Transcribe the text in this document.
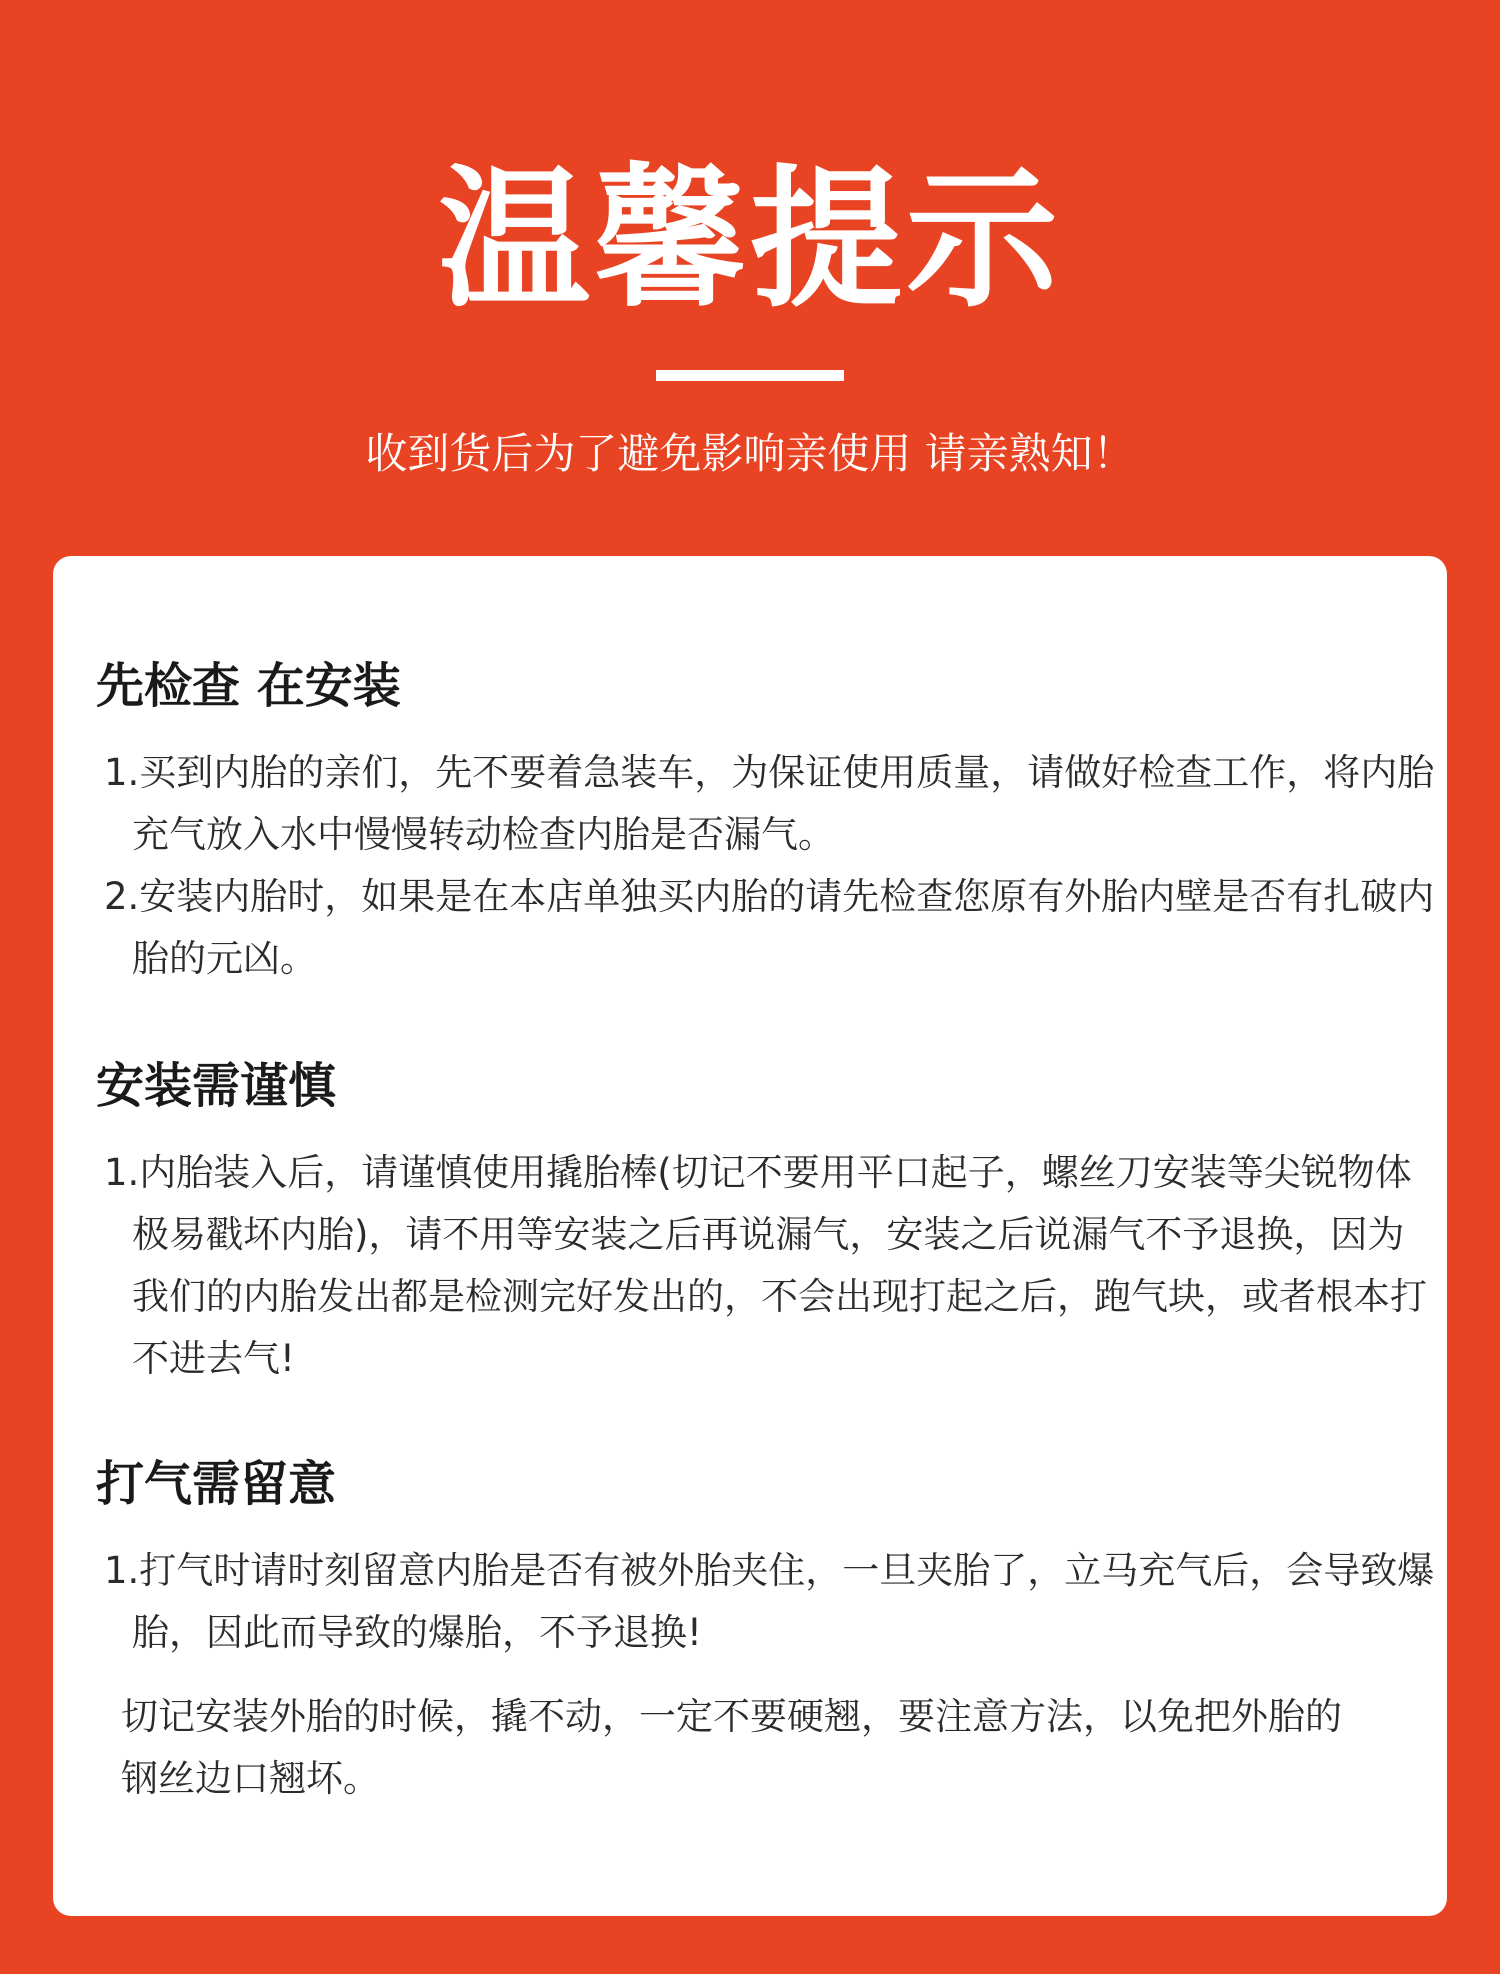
温馨提示
收到货后为了避免影响亲使用 请亲熟知！
先检查 在安装

1.买到内胎的亲们，先不要着急装车，为保证使用质量，请做好检查工作，将内胎充气放入水中慢慢转动检查内胎是否漏气。

2.安装内胎时，如果是在本店单独买内胎的请先检查您原有外胎内壁是否有扎破内胎的元凶。

安装需谨慎

1.内胎装入后，请谨慎使用撬胎棒(切记不要用平口起子，螺丝刀安装等尖锐物体极易戳坏内胎)，请不用等安装之后再说漏气，安装之后说漏气不予退换，因为我们的内胎发出都是检测完好发出的，不会出现打起之后，跑气块，或者根本打不进去气!

打气需留意

1.打气时请时刻留意内胎是否有被外胎夹住，一旦夹胎了，立马充气后，会导致爆胎，因此而导致的爆胎，不予退换!

切记安装外胎的时候，撬不动，一定不要硬翘，要注意方法，以免把外胎的钢丝边口翘坏。
